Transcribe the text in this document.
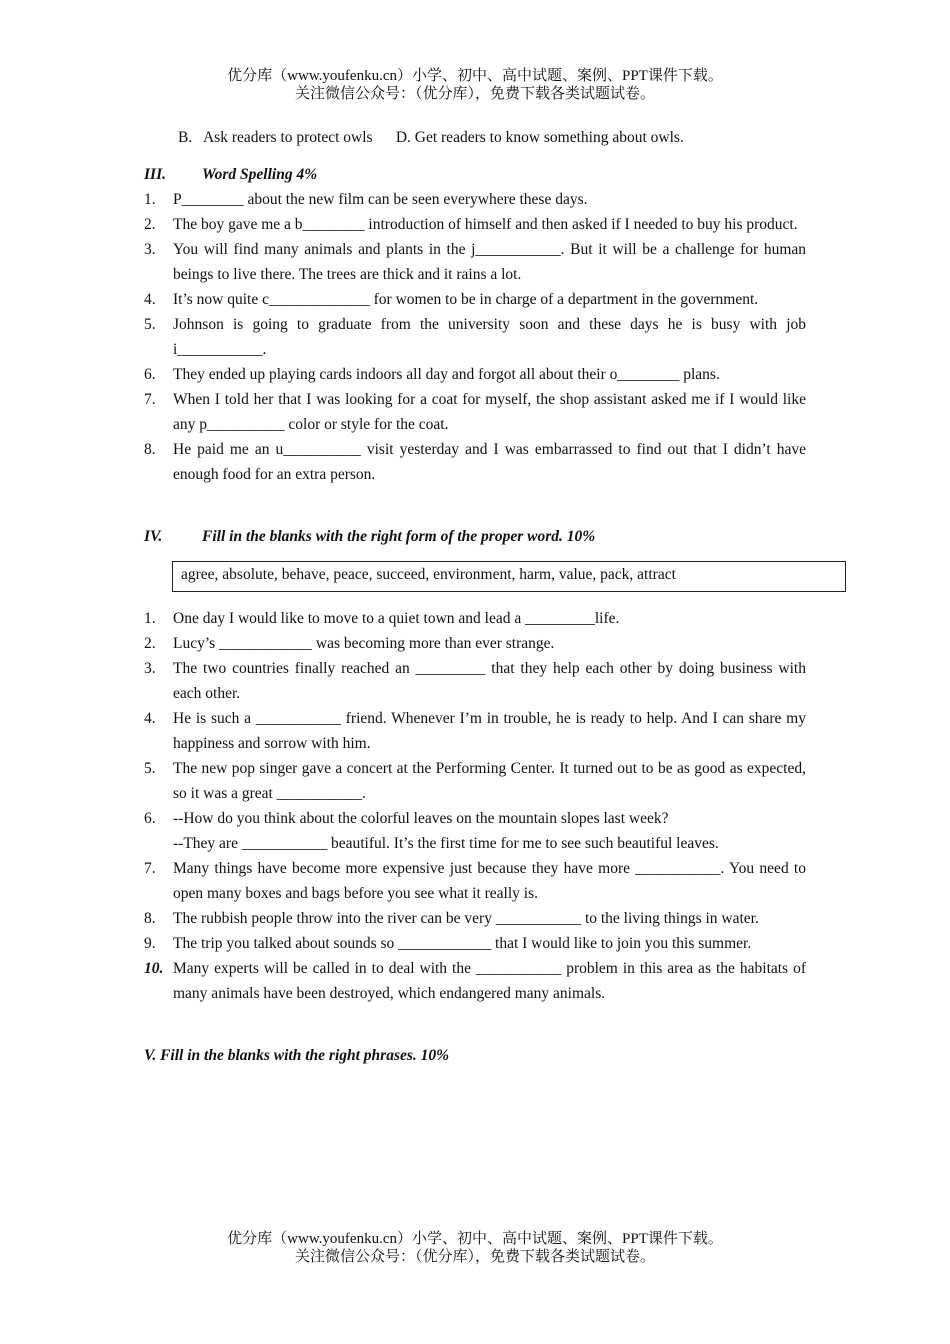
优分库（www.youfenku.cn）小学、初中、高中试题、案例、PPT课件下载。
关注微信公众号：（优分库），免费下载各类试题试卷。
B.   Ask readers to protect owls      D. Get readers to know something about owls.
III.	Word Spelling 4%
1.	P________ about the new film can be seen everywhere these days.
2.	The boy gave me a b________ introduction of himself and then asked if I needed to buy his product.
3.	You will find many animals and plants in the j___________. But it will be a challenge for human beings to live there. The trees are thick and it rains a lot.
4.	It’s now quite c_____________ for women to be in charge of a department in the government.
5.	Johnson is going to graduate from the university soon and these days he is busy with job i___________.
6.	They ended up playing cards indoors all day and forgot all about their o________ plans.
7.	When I told her that I was looking for a coat for myself, the shop assistant asked me if I would like any p__________ color or style for the coat.
8.	He paid me an u__________ visit yesterday and I was embarrassed to find out that I didn’t have enough food for an extra person.
IV.	Fill in the blanks with the right form of the proper word. 10%
agree, absolute, behave, peace, succeed, environment, harm, value, pack, attract
1.	One day I would like to move to a quiet town and lead a _________life.
2.	Lucy’s ____________ was becoming more than ever strange.
3.	The two countries finally reached an _________ that they help each other by doing business with each other.
4.	He is such a ___________ friend. Whenever I’m in trouble, he is ready to help. And I can share my happiness and sorrow with him.
5.	The new pop singer gave a concert at the Performing Center. It turned out to be as good as expected, so it was a great ___________.
6.	--How do you think about the colorful leaves on the mountain slopes last week?
--They are ___________ beautiful. It’s the first time for me to see such beautiful leaves.
7.	Many things have become more expensive just because they have more ___________. You need to open many boxes and bags before you see what it really is.
8.	The rubbish people throw into the river can be very ___________ to the living things in water.
9.	The trip you talked about sounds so ____________ that I would like to join you this summer.
10. Many experts will be called in to deal with the ___________ problem in this area as the habitats of many animals have been destroyed, which endangered many animals.
V. Fill in the blanks with the right phrases. 10%
优分库（www.youfenku.cn）小学、初中、高中试题、案例、PPT课件下载。
关注微信公众号：（优分库），免费下载各类试题试卷。
